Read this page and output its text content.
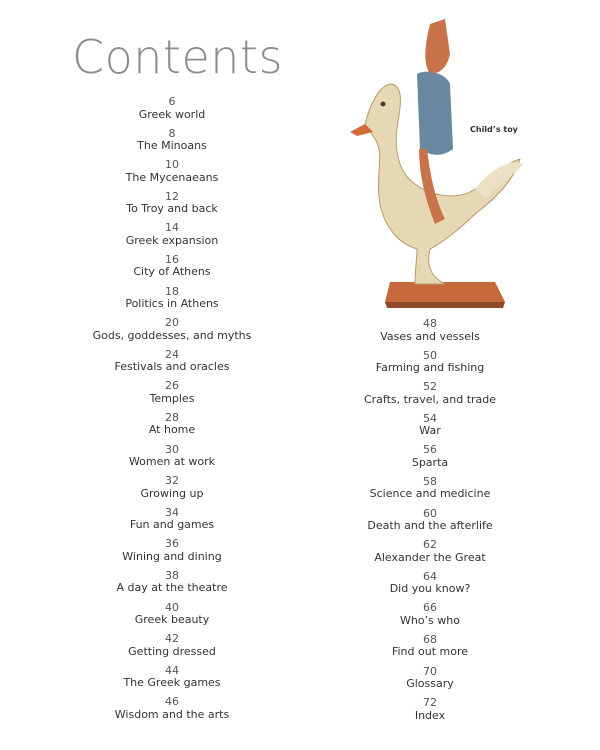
Contents
6
Greek world
8
The Minoans
10
The Mycenaeans
12
To Troy and back
14
Greek expansion
16
City of Athens
18
Politics in Athens
20
Gods, goddesses, and myths
24
Festivals and oracles
26
Temples
28
At home
30
Women at work
32
Growing up
34
Fun and games
36
Wining and dining
38
A day at the theatre
40
Greek beauty
42
Getting dressed
44
The Greek games
46
Wisdom and the arts
48
Vases and vessels
50
Farming and fishing
52
Crafts, travel, and trade
54
War
56
Sparta
58
Science and medicine
60
Death and the afterlife
62
Alexander the Great
64
Did you know?
66
Who’s who
68
Find out more
70
Glossary
72
Index
Child’s toy
